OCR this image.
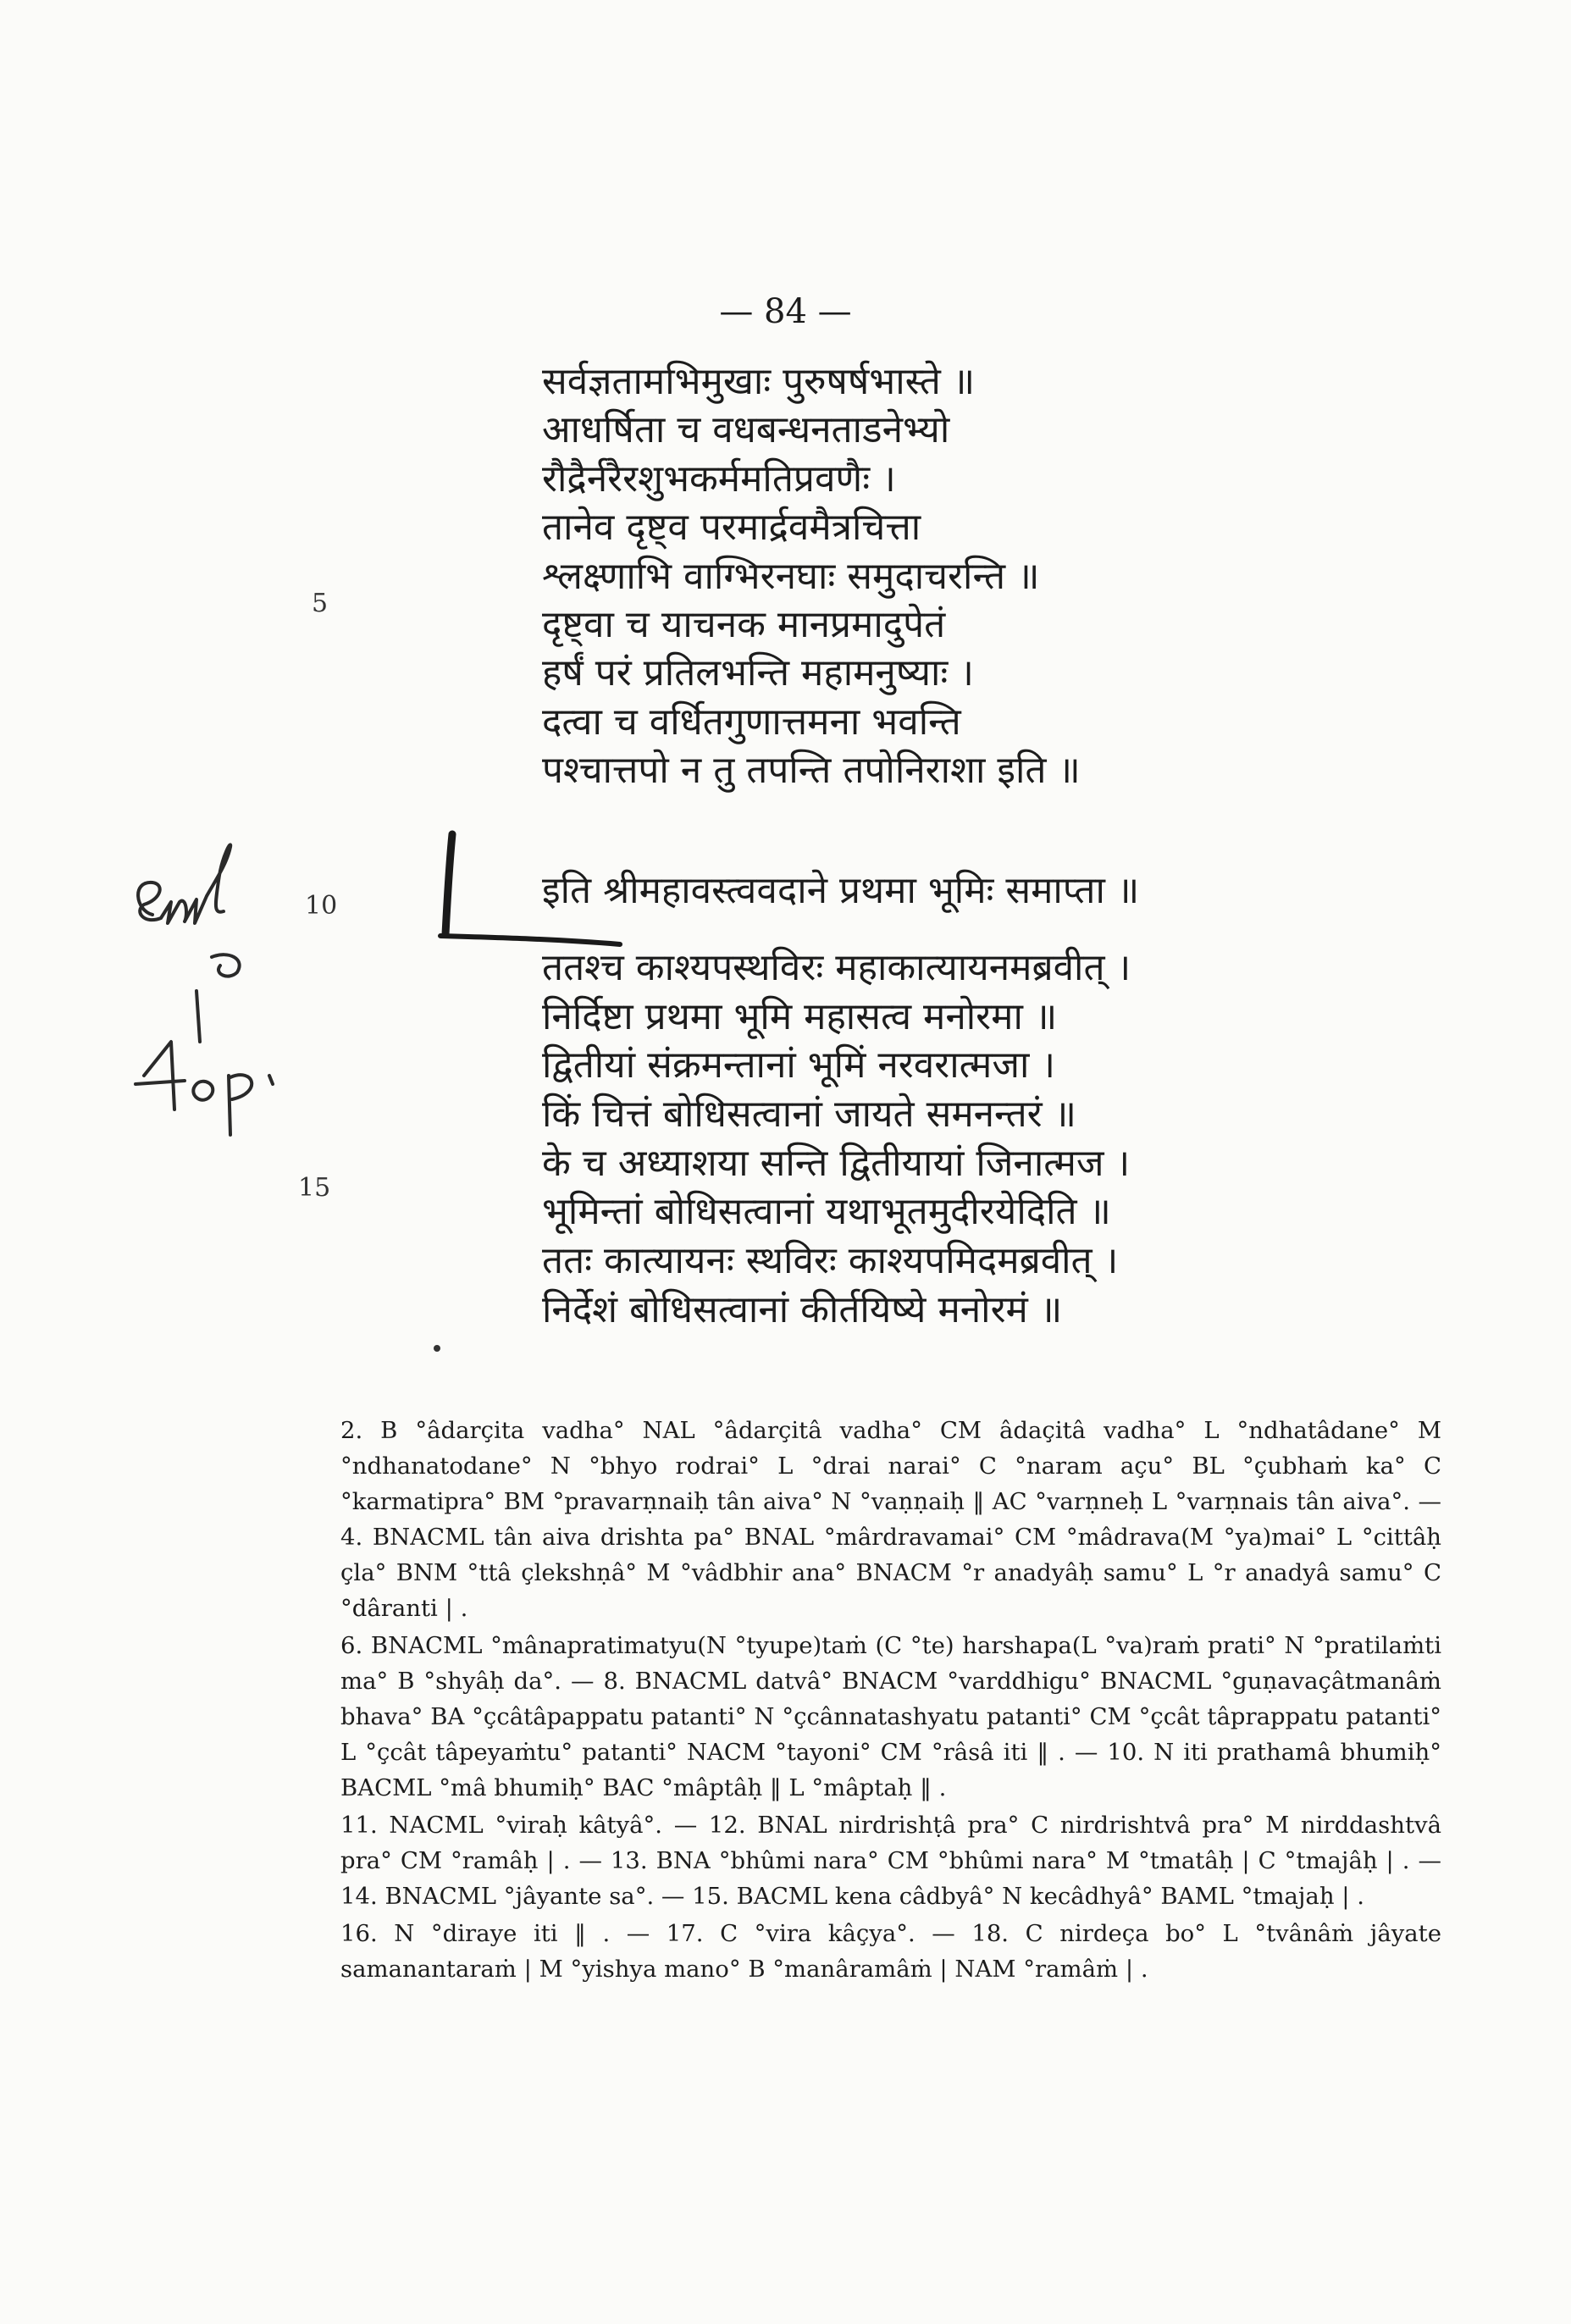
— 84 —
सर्वज्ञतामभिमुखाः पुरुषर्षभास्ते ॥
आधर्षिता च वधबन्धनताडनेभ्यो
रौद्रैर्नरैरशुभकर्ममतिप्रवणैः ।
तानेव दृष्ट्व परमार्द्रवमैत्रचित्ता
श्लक्ष्णाभि वाग्भिरनघाः समुदाचरन्ति ॥
दृष्ट्वा च याचनक मानप्रमादुपेतं
हर्षं परं प्रतिलभन्ति महामनुष्याः ।
दत्वा च वर्धितगुणात्तमना भवन्ति
पश्चात्तपो न तु तपन्ति तपोनिराशा इति ॥
इति श्रीमहावस्त्ववदाने प्रथमा भूमिः समाप्ता ॥
ततश्च काश्यपस्थविरः महाकात्यायनमब्रवीत् ।
निर्दिष्टा प्रथमा भूमि महासत्व मनोरमा ॥
द्वितीयां संक्रमन्तानां भूमिं नरवरात्मजा ।
किं चित्तं बोधिसत्वानां जायते समनन्तरं ॥
के च अध्याशया सन्ति द्वितीयायां जिनात्मज ।
भूमिन्तां बोधिसत्वानां यथाभूतमुदीरयेदिति ॥
ततः कात्यायनः स्थविरः काश्यपमिदमब्रवीत् ।
निर्देशं बोधिसत्वानां कीर्तयिष्ये मनोरमं ॥
5
10
15

2. B °âdarçita vadha° NAL °âdarçitâ vadha° CM âdaçitâ vadha° L °ndhatâdane° M °ndhanatodane° N °bhyo rodrai° L °drai narai° C °naram açu° BL °çubhaṁ ka° C °karmatipra° BM °pravarṇnaiḥ tân aiva° N °vaṇṇaiḥ ‖ AC °varṇneḥ L °varṇnais tân aiva°. — 4. BNACML tân aiva drishta pa° BNAL °mârdravamai° CM °mâdrava(M °ya)mai° L °cittâḥ çla° BNM °ttâ çlekshṇâ° M °vâdbhir ana° BNACM °r anadyâḥ samu° L °r anadyâ samu° C °dâranti | .

6. BNACML °mânapratimatyu(N °tyupe)taṁ (C °te) harshapa(L °va)raṁ prati° N °pratilaṁti ma° B °shyâḥ da°. — 8. BNACML datvâ° BNACM °varddhigu° BNACML °guṇavaçâtmanâṁ bhava° BA °çcâtâpappatu patanti° N °çcânnatashyatu patanti° CM °çcât tâprappatu patanti° L °çcât tâpeyaṁtu° patanti° NACM °tayoni° CM °râsâ iti ‖ . — 10. N iti prathamâ bhumiḥ° BACML °mâ bhumiḥ° BAC °mâptâḥ ‖ L °mâptaḥ ‖ .

11. NACML °viraḥ kâtyâ°. — 12. BNAL nirdrishṭâ pra° C nirdrishtvâ pra° M nirddashtvâ pra° CM °ramâḥ | . — 13. BNA °bhûmi nara° CM °bhûmi nara° M °tmatâḥ | C °tmajâḥ | . — 14. BNACML °jâyante sa°. — 15. BACML kena câdbyâ° N kecâdhyâ° BAML °tmajaḥ | .

16. N °diraye iti ‖ . — 17. C °vira kâçya°. — 18. C nirdeça bo° L °tvânâṁ jâyate samanantaraṁ | M °yishya mano° B °manâramâṁ | NAM °ramâṁ | .
